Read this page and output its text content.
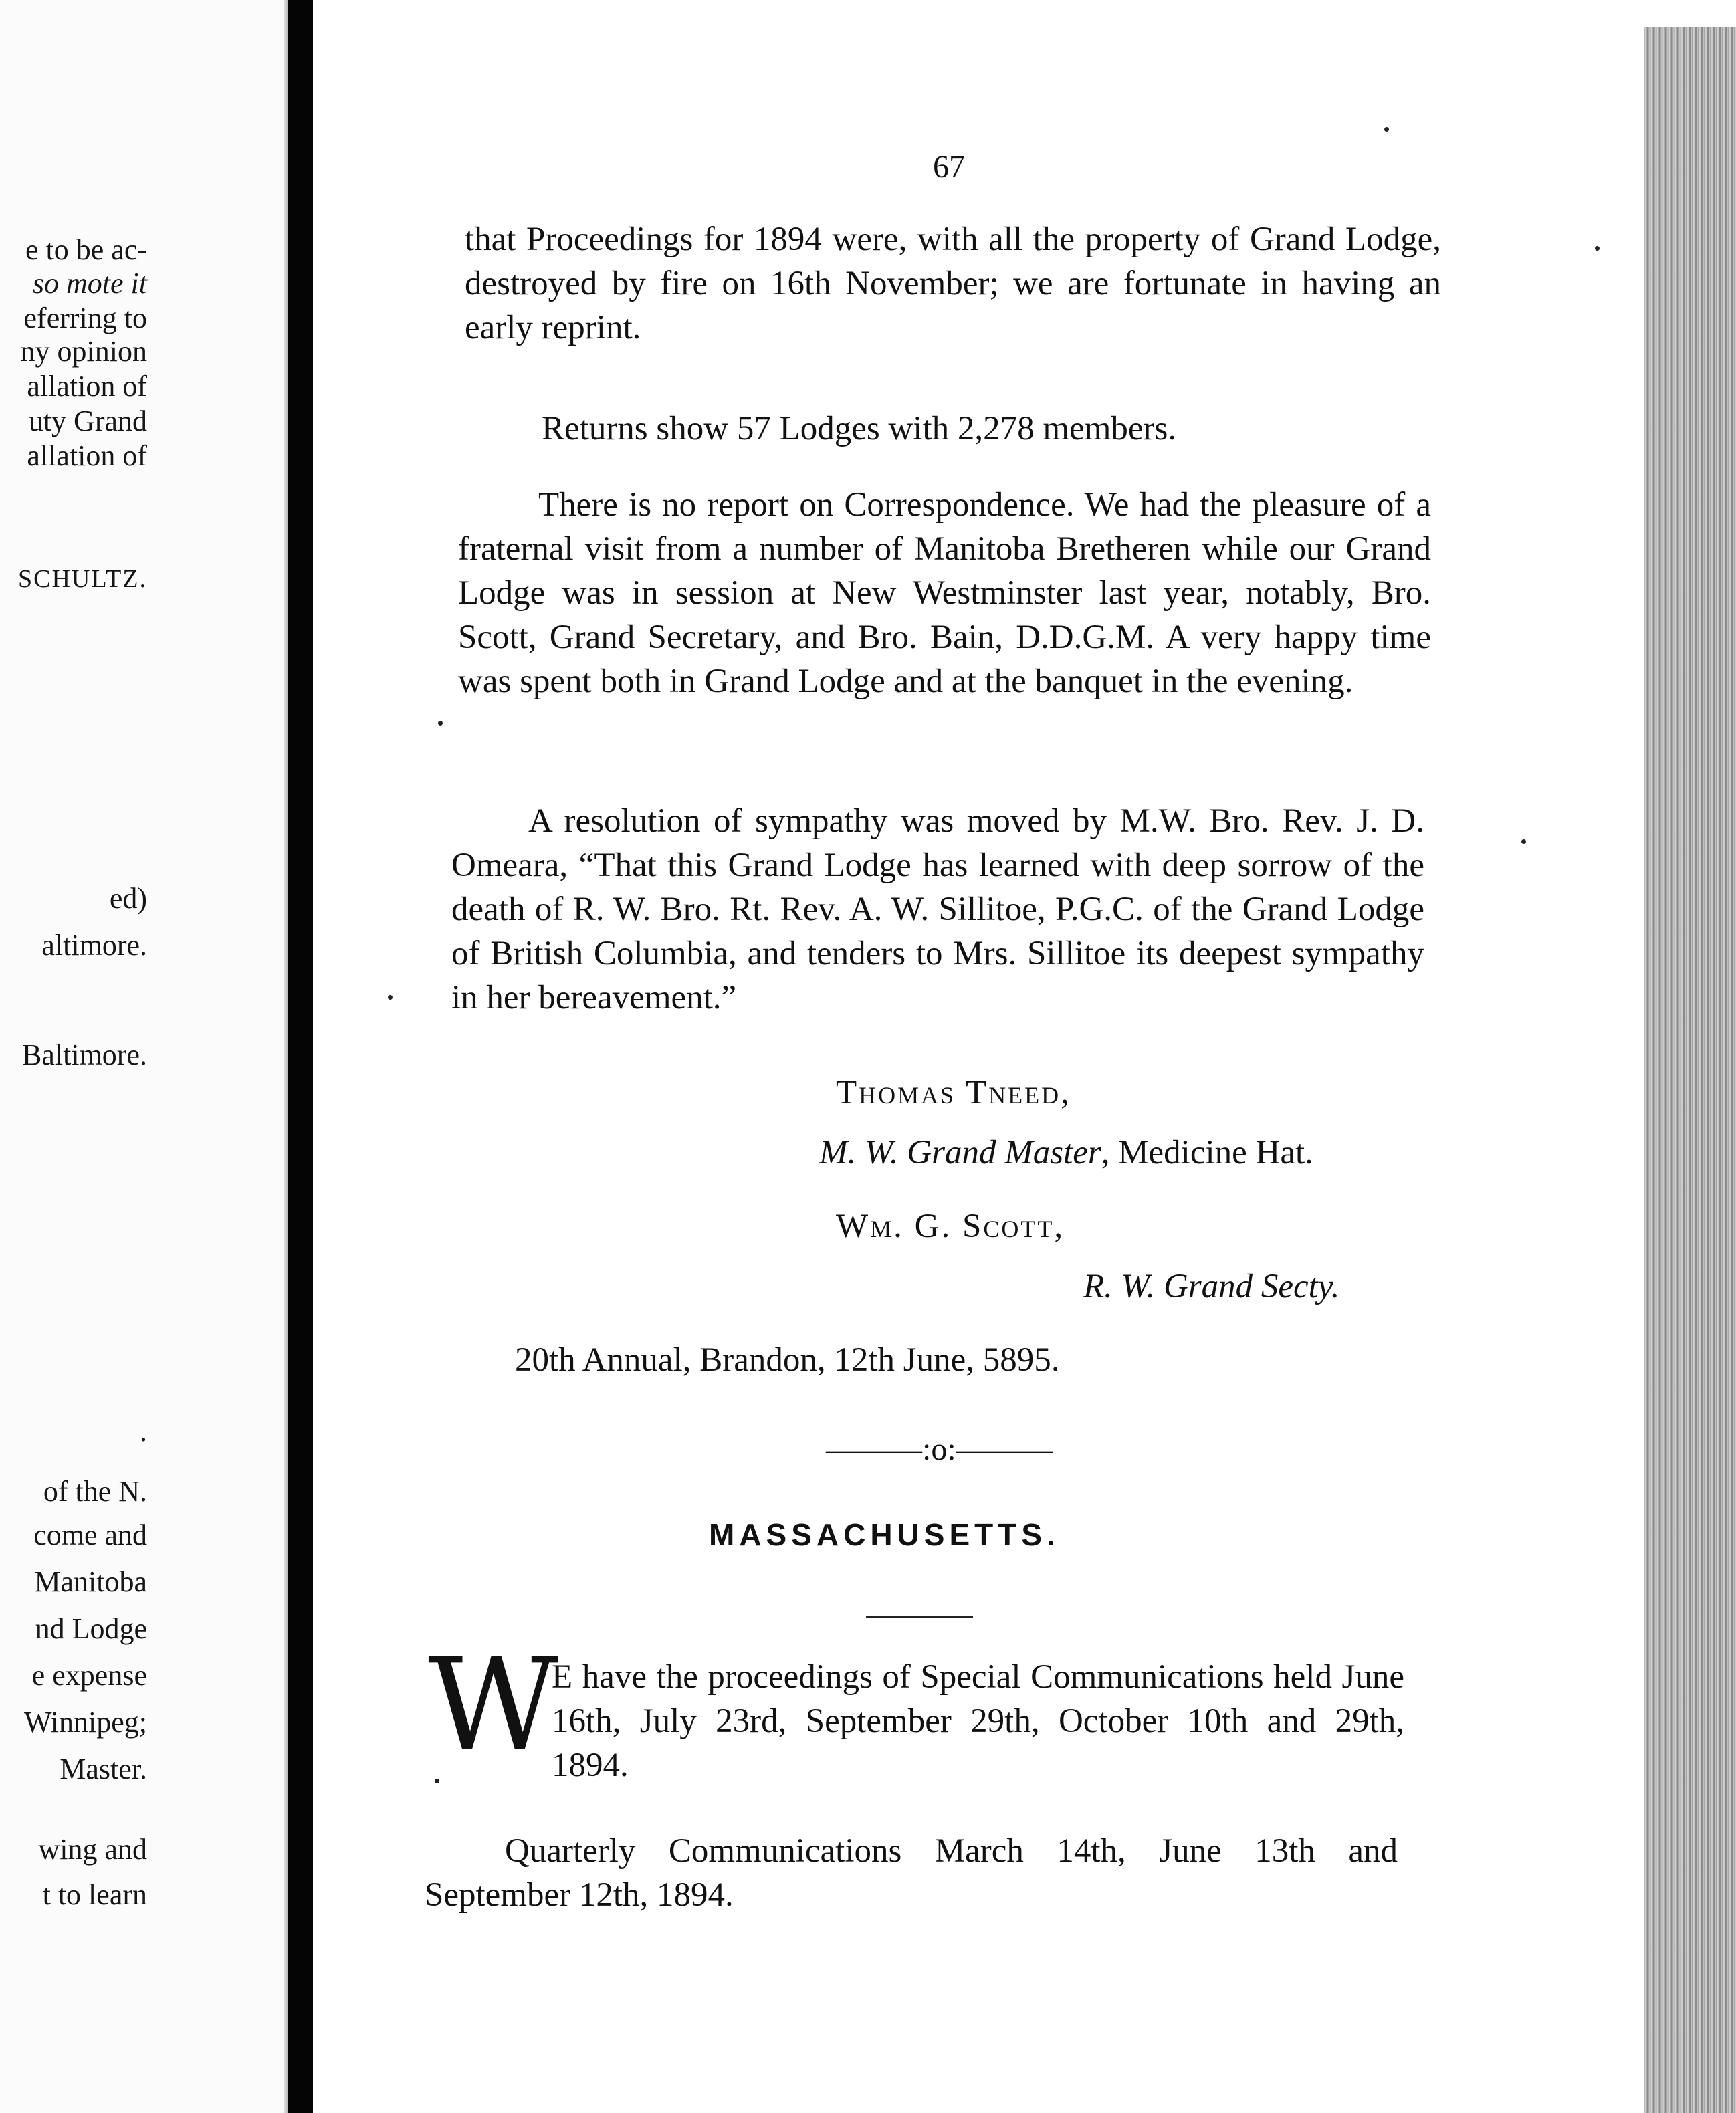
e to be ac-
so mote it
eferring to
ny opinion
allation of
uty Grand
allation of
SCHULTZ.
ed)
altimore.
Baltimore.
.
of the N.
come and
Manitoba
nd Lodge
e expense
Winnipeg;
Master.
wing and
t to learn
67
that Proceedings for 1894 were, with all the property of Grand Lodge, destroyed by fire on 16th November; we are fortunate in having an early reprint.
Returns show 57 Lodges with 2,278 members.
There is no report on Correspondence. We had the pleasure of a fraternal visit from a number of Manitoba Bretheren while our Grand Lodge was in session at New Westminster last year, notably, Bro. Scott, Grand Secretary, and Bro. Bain, D.D.G.M. A very happy time was spent both in Grand Lodge and at the banquet in the evening.
A resolution of sympathy was moved by M.W. Bro. Rev. J. D. Omeara, “That this Grand Lodge has learned with deep sorrow of the death of R. W. Bro. Rt. Rev. A. W. Sillitoe, P.G.C. of the Grand Lodge of British Columbia, and tenders to Mrs. Sillitoe its deepest sympathy in her bereavement.”
Thomas Tneed,
M. W. Grand Master, Medicine Hat.
Wm. G. Scott,
R. W. Grand Secty.
20th Annual, Brandon, 12th June, 5895.
———:o:———
MASSACHUSETTS.
W
E have the proceedings of Special Communications held June 16th, July 23rd, September 29th, October 10th and 29th, 1894.
Quarterly Communications March 14th, June 13th and September 12th, 1894.
